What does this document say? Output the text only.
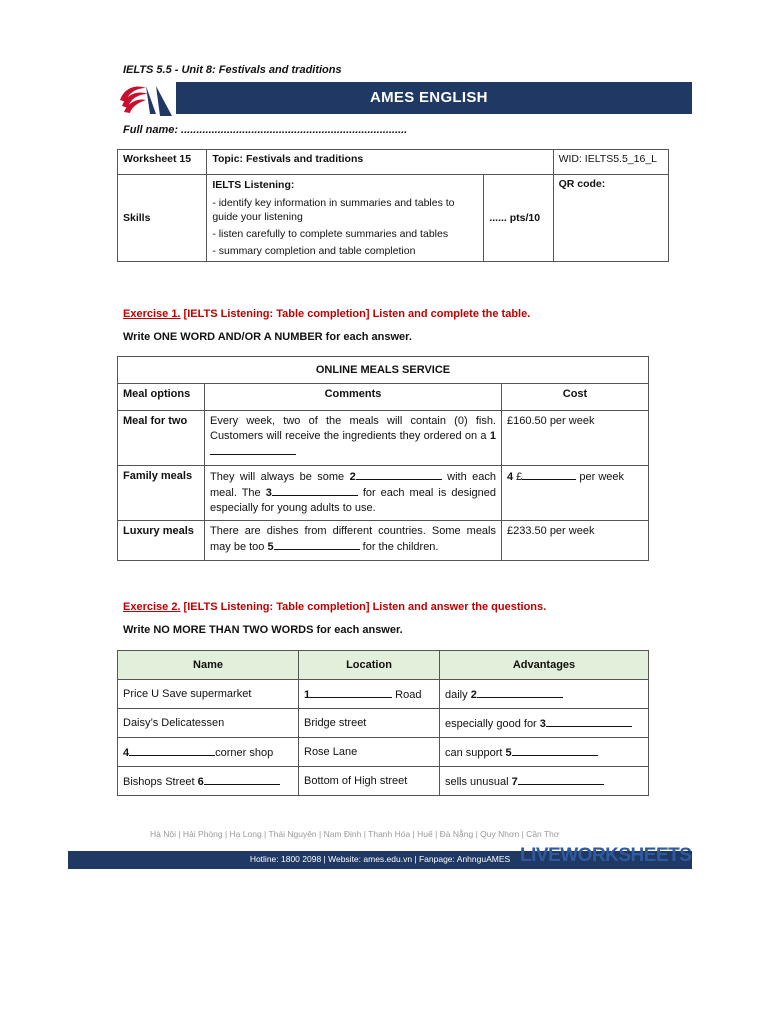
IELTS 5.5 - Unit 8: Festivals and traditions
AMES ENGLISH
Full name: ..........................................................................
Worksheet 15	Topic: Festivals and traditions		WID: IELTS5.5_16_L
Skills	IELTS Listening:
- identify key information in summaries and tables to guide your listening
- listen carefully to complete summaries and tables
- summary completion and table completion	...... pts/10	QR code:
Exercise 1. [IELTS Listening: Table completion] Listen and complete the table.
Write ONE WORD AND/OR A NUMBER for each answer.
ONLINE MEALS SERVICE		
Meal options	Comments	Cost
Meal for two	Every week, two of the meals will contain (0) fish. Customers will receive the ingredients they ordered on a 1	£160.50 per week
Family meals	They will always be some 2 with each meal. The 3 for each meal is designed especially for young adults to use.	4 £ per week
Luxury meals	There are dishes from different countries. Some meals may be too 5 for the children.	£233.50 per week
Exercise 2. [IELTS Listening: Table completion] Listen and answer the questions.
Write NO MORE THAN TWO WORDS for each answer.
Name	Location	Advantages
Price U Save supermarket	1 Road	daily 2
Daisy’s Delicatessen	Bridge street	especially good for 3
4 corner shop	Rose Lane	can support 5
Bishops Street 6	Bottom of High street	sells unusual 7
Hà Nội | Hải Phòng | Hạ Long | Thái Nguyên | Nam Định | Thanh Hóa | Huế | Đà Nẵng | Quy Nhơn | Cần Thơ
Hotline: 1800 2098 | Website: ames.edu.vn | Fanpage: AnhnguAMES LIVEWORKSHEETS
